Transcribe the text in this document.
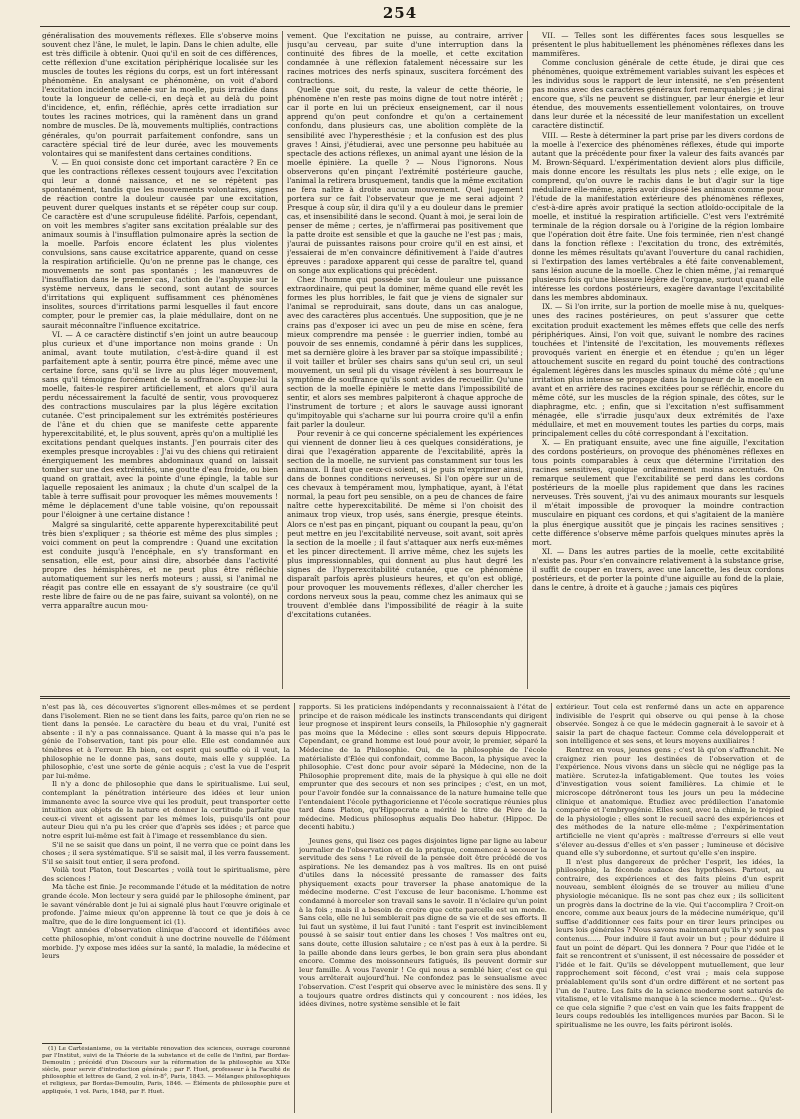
254

généralisation des mouvements réflexes. Elle s'observe moins souvent chez l'âne, le mulet, le lapin. Dans le chien adulte, elle est très difficile à obtenir. Quoi qu'il en soit de ces différences, cette réflexion d'une excitation périphérique localisée sur les muscles de toutes les régions du corps, est un fort intéressant phénomène. En analysant ce phénomène, on voit d'abord l'excitation incidente amenée sur la moelle, puis irradiée dans toute la longueur de celle-ci, en deçà et au delà du point d'incidence, et, enfin, réfléchie, après cette irradiation sur toutes les racines motrices, qui la ramènent dans un grand nombre de muscles. De là, mouvements multipliés, contractions générales, qu'on pourrait parfaitement confondre, sans un caractère spécial tiré de leur durée, avec les mouvements volontaires qui se manifestent dans certaines conditions.

V. — En quoi consiste donc cet important caractère ? En ce que les contractions réflexes cessent toujours avec l'excitation qui leur a donné naissance, et ne se répètent pas spontanément, tandis que les mouvements volontaires, signes de réaction contre la douleur causée par une excitation, peuvent durer quelques instants et se répéter coup sur coup. Ce caractère est d'une scrupuleuse fidélité. Parfois, cependant, on voit les membres s'agiter sans excitation préalable sur des animaux soumis à l'insufflation pulmonaire après la section de la moelle. Parfois encore éclatent les plus violentes convulsions, sans cause excitatrice apparente, quand on cesse la respiration artificielle. Qu'on ne prenne pas le change, ces mouvements ne sont pas spontanés ; les manœuvres de l'insufflation dans le premier cas, l'action de l'asphyxie sur le système nerveux, dans le second, sont autant de sources d'irritations qui expliquent suffisamment ces phénomènes insolites, sources d'irritations parmi lesquelles il faut encore compter, pour le premier cas, la plaie médullaire, dont on ne saurait méconnaître l'influence excitatrice.

VI. — A ce caractère distinctif s'en joint un autre beaucoup plus curieux et d'une importance non moins grande : Un animal, avant toute mutilation, c'est-à-dire quand il est parfaitement apte à sentir, pourra être pincé, même avec une certaine force, sans qu'il se livre au plus léger mouvement, sans qu'il témoigne forcément de la souffrance. Coupez-lui la moelle, faites-le respirer artificiellement, et alors qu'il aura perdu nécessairement la faculté de sentir, vous provoquerez des contractions musculaires par la plus légère excitation cutanée. C'est principalement sur les extrémités postérieures de l'âne et du chien que se manifeste cette apparente hyperexcitabilité, et, le plus souvent, après qu'on a multiplié les excitations pendant quelques instants. J'en pourrais citer des exemples presque incroyables : J'ai vu des chiens qui retiraient énergiquement les membres abdominaux quand on laissait tomber sur une des extrémités, une goutte d'eau froide, ou bien quand on grattait, avec la pointe d'une épingle, la table sur laquelle reposaient les animaux ; la chute d'un scalpel de la table à terre suffisait pour provoquer les mêmes mouvements ! même le déplacement d'une table voisine, qu'on repoussait pour l'éloigner à une certaine distance !

Malgré sa singularité, cette apparente hyperexcitabilité peut très bien s'expliquer ; sa théorie est même des plus simples ; voici comment on peut la comprendre : Quand une excitation est conduite jusqu'à l'encéphale, en s'y transformant en sensation, elle est, pour ainsi dire, absorbée dans l'activité propre des hémisphères, et ne peut plus être réfléchie automatiquement sur les nerfs moteurs ; aussi, si l'animal ne réagit pas contre elle en essayant de s'y soustraire (ce qu'il reste libre de faire ou de ne pas faire, suivant sa volonté), on ne verra apparaître aucun mou-

vement. Que l'excitation ne puisse, au contraire, arriver jusqu'au cerveau, par suite d'une interruption dans la continuité des fibres de la moelle, et cette excitation condamnée à une réflexion fatalement nécessaire sur les racines motrices des nerfs spinaux, suscitera forcément des contractions.

Quelle que soit, du reste, la valeur de cette théorie, le phénomène n'en reste pas moins digne de tout notre intérêt ; car il porte en lui un précieux enseignement, car il nous apprend qu'on peut confondre et qu'on a certainement confondu, dans plusieurs cas, une abolition complète de la sensibilité avec l'hyperesthésie ; et la confusion est des plus graves ! Ainsi, j'étudierai, avec une personne peu habituée au spectacle des actions réflexes, un animal ayant une lésion de la moelle épinière. La quelle ? — Nous l'ignorons. Nous observerons qu'en pinçant l'extrémité postérieure gauche, l'animal la retirera brusquement, tandis que la même excitation ne fera naître à droite aucun mouvement. Quel jugement portera sur ce fait l'observateur que je me serai adjoint ? Presque à coup sûr, il dira qu'il y a eu douleur dans le premier cas, et insensibilité dans le second. Quant à moi, je serai loin de penser de même ; certes, je n'affirmerai pas positivement que la patte droite est sensible et que la gauche ne l'est pas ; mais, j'aurai de puissantes raisons pour croire qu'il en est ainsi, et j'essaierai de m'en convaincre définitivement à l'aide d'autres épreuves : paradoxe apparent qui cesse de paraître tel, quand on songe aux explications qui précèdent.

Chez l'homme qui possède sur la douleur une puissance extraordinaire, qui peut la dominer, même quand elle revêt les formes les plus horribles, le fait que je viens de signaler sur l'animal se reproduirait, sans doute, dans un cas analogue, avec des caractères plus accentués. Une supposition, que je ne crains pas d'exposer ici avec un peu de mise en scène, fera mieux comprendre ma pensée : le guerrier indien, tombé au pouvoir de ses ennemis, condamné à périr dans les supplices, met sa dernière gloire à les braver par sa stoïque impassibilité ; il voit tailler et brûler ses chairs sans qu'un seul cri, un seul mouvement, un seul pli du visage révèlent à ses bourreaux le symptôme de souffrance qu'ils sont avides de recueillir. Qu'une section de la moelle épinière le mette dans l'impossibilité de sentir, et alors ses membres palpiteront à chaque approche de l'instrument de torture ; et alors le sauvage aussi ignorant qu'impitoyable qui s'acharne sur lui pourra croire qu'il a enfin fait parler la douleur.

Pour revenir à ce qui concerne spécialement les expériences qui viennent de donner lieu à ces quelques considérations, je dirai que l'exagération apparente de l'excitabilité, après la section de la moelle, ne survient pas constamment sur tous les animaux. Il faut que ceux-ci soient, si je puis m'exprimer ainsi, dans de bonnes conditions nerveuses. Si l'on opère sur un de ces chevaux à tempérament mou, lymphatique, ayant, à l'état normal, la peau fort peu sensible, on a peu de chances de faire naître cette hyperexcitabilité. De même si l'on choisit des animaux trop vieux, trop usés, sans énergie, presque éteints. Alors ce n'est pas en pinçant, piquant ou coupant la peau, qu'on peut mettre en jeu l'excitabilité nerveuse, soit avant, soit après la section de la moelle ; il faut s'attaquer aux nerfs eux-mêmes et les pincer directement. Il arrive même, chez les sujets les plus impressionnables, qui donnent au plus haut degré les signes de l'hyperexcitabilité cutanée, que ce phénomène disparaît parfois après plusieurs heures, et qu'on est obligé, pour provoquer les mouvements réflexes, d'aller chercher les cordons nerveux sous la peau, comme chez les animaux qui se trouvent d'emblée dans l'impossibilité de réagir à la suite d'excitations cutanées.

VII. — Telles sont les différentes faces sous lesquelles se présentent le plus habituellement les phénomènes réflexes dans les mammifères.

Comme conclusion générale de cette étude, je dirai que ces phénomènes, quoique extrêmement variables suivant les espèces et les individus sous le rapport de leur intensité, ne s'en présentent pas moins avec des caractères généraux fort remarquables ; je dirai encore que, s'ils ne peuvent se distinguer, par leur énergie et leur étendue, des mouvements essentiellement volontaires, on trouve dans leur durée et la nécessité de leur manifestation un excellent caractère distinctif.

VIII. — Reste à déterminer la part prise par les divers cordons de la moelle à l'exercice des phénomènes réflexes, étude qui importe autant que la précédente pour fixer la valeur des faits avancés par M. Brown-Séquard. L'expérimentation devient alors plus difficile, mais donne encore les résultats les plus nets ; elle exige, on le comprend, qu'on ouvre le rachis dans le but d'agir sur la tige médullaire elle-même, après avoir disposé les animaux comme pour l'étude de la manifestation extérieure des phénomènes réflexes, c'est-à-dire après avoir pratiqué la section atloïdo-occipitale de la moelle, et institué la respiration artificielle. C'est vers l'extrémité terminale de la région dorsale ou à l'origine de la région lombaire que l'opération doit être faite. Une fois terminée, rien n'est changé dans la fonction réflexe : l'excitation du tronc, des extrémités, donne les mêmes résultats qu'avant l'ouverture du canal rachidien, si l'extirpation des lames vertébrales a été faite convenablement, sans lésion aucune de la moelle. Chez le chien même, j'ai remarqué plusieurs fois qu'une blessure légère de l'organe, surtout quand elle intéresse les cordons postérieurs, exagère davantage l'excitabilité dans les membres abdominaux.

IX. — Si l'on irrite, sur la portion de moelle mise à nu, quelques-unes des racines postérieures, on peut s'assurer que cette excitation produit exactement les mêmes effets que celle des nerfs périphériques. Ainsi, l'on voit que, suivant le nombre des racines touchées et l'intensité de l'excitation, les mouvements réflexes provoqués varient en énergie et en étendue ; qu'en un léger attouchement suscite en regard du point touché des contractions également légères dans les muscles spinaux du même côté ; qu'une irritation plus intense se propage dans la longueur de la moelle en avant et en arrière des racines excitées pour se réfléchir, encore du même côté, sur les muscles de la région spinale, des côtes, sur le diaphragme, etc. ; enfin, que si l'excitation n'est suffisamment ménagée, elle s'irradie jusqu'aux deux extrémités de l'axe médullaire, et met en mouvement toutes les parties du corps, mais principalement celles du côté correspondant à l'excitation.

X. — En pratiquant ensuite, avec une fine aiguille, l'excitation des cordons postérieurs, on provoque des phénomènes réflexes en tous points comparables à ceux que détermine l'irritation des racines sensitives, quoique ordinairement moins accentués. On remarque seulement que l'excitabilité se perd dans les cordons postérieurs de la moelle plus rapidement que dans les racines nerveuses. Très souvent, j'ai vu des animaux mourants sur lesquels il m'était impossible de provoquer la moindre contraction musculaire en piquant ces cordons, et qui s'agitaient de la manière la plus énergique aussitôt que je pinçais les racines sensitives ; cette différence s'observe même parfois quelques minutes après la mort.

XI. — Dans les autres parties de la moelle, cette excitabilité n'existe pas. Pour s'en convaincre relativement à la substance grise, il suffit de couper en travers, avec une lancette, les deux cordons postérieurs, et de porter la pointe d'une aiguille au fond de la plaie, dans le centre, à droite et à gauche ; jamais ces piqûres

n'est pas là, ces découvertes s'ignorent elles-mêmes et se perdent dans l'isolement. Rien ne se tient dans les faits, parce qu'on rien ne se tient dans la pensée. Le caractère du beau et du vrai, l'unité est absente : il n'y a pas connaissance. Quant à la masse qui n'a pas le génie de l'observation, tant pis pour elle. Elle est condamnée aux ténèbres et à l'erreur. Eh bien, cet esprit qui souffle où il veut, la philosophie ne le donne pas, sans doute, mais elle y supplée. La philosophie, c'est une sorte de génie acquis ; c'est la vue de l'esprit par lui-même.

Il n'y a donc de philosophie que dans le spiritualisme. Lui seul, contemplant la pénétration intérieure des idées et leur union immanente avec la source vive qui les produit, peut transporter cette intuition aux objets de la nature et donner la certitude parfaite que ceux-ci vivent et agissent par les mêmes lois, puisqu'ils ont pour auteur Dieu qui n'a pu les créer que d'après ses idées ; et parce que notre esprit lui-même est fait à l'image et ressemblance du sien.

S'il ne se saisit que dans un point, il ne verra que ce point dans les choses ; il sera systématique. S'il se saisit mal, il les verra faussement. S'il se saisit tout entier, il sera profond.

Voilà tout Platon, tout Descartes ; voilà tout le spiritualisme, père des sciences !

Ma tâche est finie. Je recommande l'étude et la méditation de notre grande école. Mon lecteur y sera guidé par le philosophe éminent, par le savant vénérable dont je lui ai signalé plus haut l'œuvre originale et profonde. J'aime mieux qu'on apprenne là tout ce que je dois à ce maître, que de le dire longuement ici (1).

Vingt années d'observation clinique d'accord et identifiées avec cette philosophie, m'ont conduit à une doctrine nouvelle de l'élément morbide. J'y expose mes idées sur la santé, la maladie, la médecine et leurs

rapports. Si les praticiens indépendants y reconnaissaient à l'état de principe et de raison médicale les instincts transcendants qui dirigent leur prognose et inspirent leurs conseils, la Philosophie n'y gagnerait pas moins que la Médecine : elles sont sœurs depuis Hippocrate. Cependant, ce grand homme est loué pour avoir, le premier, séparé la Médecine de la Philosophie. Oui, de la philosophie de l'école matérialiste d'Élée qui confondait, comme Bacon, la physique avec la philosophie. C'est donc pour avoir séparé la Médecine, non de la Philosophie proprement dite, mais de la physique à qui elle ne doit emprunter que des secours et non ses principes ; c'est, en un mot, pour l'avoir fondée sur la connaissance de la nature humaine telle que l'entendaient l'école pythagoricienne et l'école socratique réunies plus tard dans Platon, qu'Hippocrate a mérité le titre de Père de la médecine. Medicus philosophus æqualis Deo habetur. (Hippoc. De decenti habitu.)

Jeunes gens, qui lisez ces pages disjointes ligne par ligne au labeur journalier de l'observation et de la pratique, commencez à secouer la servitude des sens ! Le réveil de la pensée doit être précédé de vos aspirations. Ne les demandez pas à vos maîtres. Ils en ont puisé d'utiles dans la nécessité pressante de ramasser des faits physiquement exacts pour traverser la phase anatomique de la médecine moderne. C'est l'excuse de leur baconisme. L'homme est condamné à morceler son travail sans le savoir. Il n'éclaire qu'un point à la fois ; mais il a besoin de croire que cette parcelle est un monde. Sans cela, elle ne lui semblerait pas digne de sa vie et de ses efforts. Il lui faut un système, il lui faut l'unité : tant l'esprit est invinciblement poussé à se saisir tout entier dans les choses ! Vos maîtres ont eu, sans doute, cette illusion salutaire ; ce n'est pas à eux à la perdre. Si la paille abonde dans leurs gerbes, le bon grain sera plus abondant encore. Comme des moissonneurs fatigués, ils peuvent dormir sur leur famille. À vous l'avenir ! Ce qui nous a semblé hier, c'est ce qui vous arrêterait aujourd'hui. Ne confondez pas le sensualisme avec l'observation. C'est l'esprit qui observe avec le ministère des sens. Il y a toujours quatre ordres distincts qui y concourent : nos idées, les idées divines, notre système sensible et le fait

extérieur. Tout cela est renfermé dans un acte en apparence indivisible de l'esprit qui observe ou qui pense à la chose observée. Songez à ce que le médecin gagnerait à le savoir et à saisir la part de chaque facteur. Comme cela développerait et son intelligence et ses sens, et leurs moyens auxiliaires !

Rentrez en vous, jeunes gens ; c'est là qu'on s'affranchit. Ne craignez rien pour les destinées de l'observation et de l'expérience. Nous vivons dans un siècle qui ne néglige pas la matière. Scrutez-la infatigablement. Que toutes les voies d'investigation vous soient familières. La chimie et le microscope détrôneront tous les jours un peu la médecine clinique et anatomique. Étudiez avec prédilection l'anatomie comparée et l'embryogénie. Elles sont, avec la chimie, le trépied de la physiologie ; elles sont le recueil sacré des expériences et des méthodes de la nature elle-même ; l'expérimentation artificielle ne vient qu'après : maîtresse d'erreurs si elle veut s'élever au-dessus d'elles et s'en passer ; lumineuse et décisive quand elle s'y subordonne, et surtout qu'elle s'en inspire.

Il n'est plus dangereux de prêcher l'esprit, les idées, la philosophie, la féconde audace des hypothèses. Partout, au contraire, des expériences et des faits pleins d'un esprit nouveau, semblent éloignés de se trouver au milieu d'une physiologie mécanique. Ils ne sont pas chez eux ; ils sollicitent un progrès dans la doctrine de la vie. Qui t'accomplira ? Croit-on encore, comme aux beaux jours de la médecine numérique, qu'il suffise d'additionner ces faits pour en tirer leurs principes ou leurs lois générales ? Nous savons maintenant qu'ils n'y sont pas contenus...... Pour induire il faut avoir un but ; pour déduire il faut un point de départ. Qui les donnera ? Pour que l'idée et le fait se rencontrent et s'unissent, il est nécessaire de posséder et l'idée et le fait. Qu'ils se développent mutuellement, que leur rapprochement soit fécond, c'est vrai ; mais cela suppose préalablement qu'ils sont d'un ordre différent et ne sortent pas l'un de l'autre. Les faits de la science moderne sont saturés de vitalisme, et le vitalisme manque à la science moderne... Qu'est-ce que cela signifie ? que c'est en vain que les faits frappent de leurs coups redoublés les intelligences murées par Bacon. Si le spiritualisme ne les ouvre, les faits périront isolés.

(1) Le Cartésianisme, ou la véritable rénovation des sciences, ouvrage couronné par l'Institut, suivi de la Théorie de la substance et de celle de l'infini, par Bordas-Demoulin ; précédé d'un Discours sur la réformation de la philosophie au XIXe siècle, pour servir d'introduction générale ; par F. Huet, professeur à la Faculté de philosophie et lettres de Gand, 2 vol. in-8°, Paris, 1843. — Mélanges philosophiques et religieux, par Bordas-Demoulin, Paris, 1846. — Éléments de philosophie pure et appliquée, 1 vol. Paris, 1848, par F. Huet.
